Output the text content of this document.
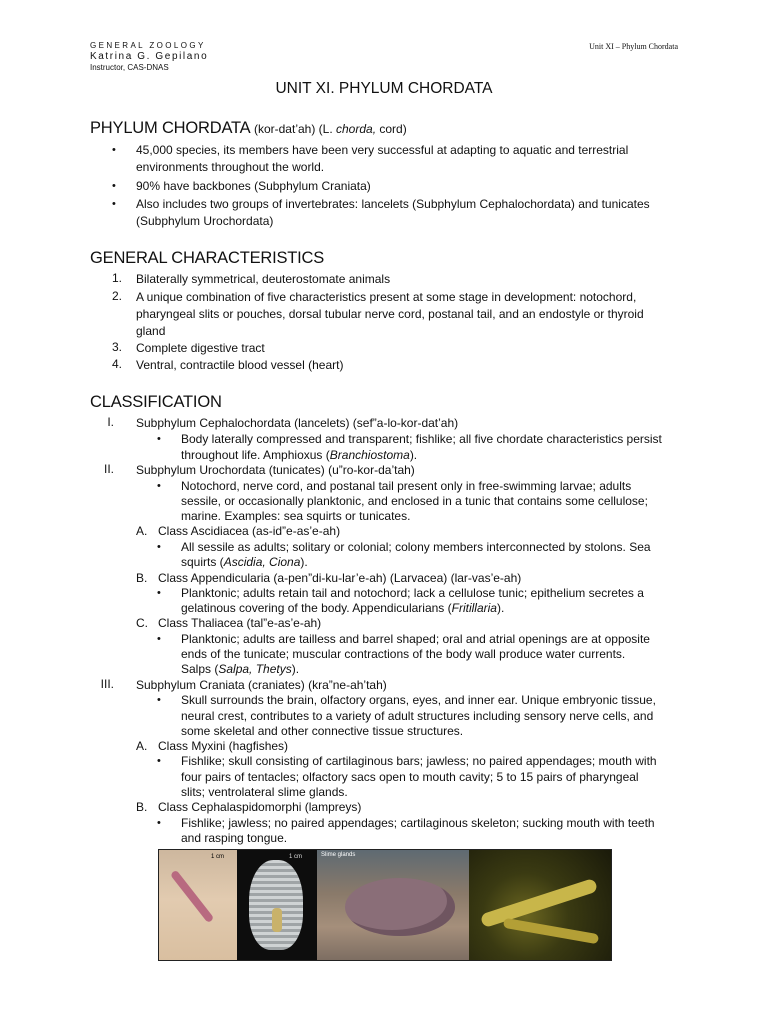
GENERAL ZOOLOGY
Katrina G. Gepilano
Instructor, CAS-DNAS
Unit XI – Phylum Chordata
UNIT XI. PHYLUM CHORDATA
PHYLUM CHORDATA (kor-dat’ah) (L. chorda, cord)
• 45,000 species, its members have been very successful at adapting to aquatic and terrestrial
environments throughout the world.
• 90% have backbones (Subphylum Craniata)
• Also includes two groups of invertebrates: lancelets (Subphylum Cephalochordata) and tunicates
(Subphylum Urochordata)
GENERAL CHARACTERISTICS
1. Bilaterally symmetrical, deuterostomate animals
2. A unique combination of five characteristics present at some stage in development: notochord,
pharyngeal slits or pouches, dorsal tubular nerve cord, postanal tail, and an endostyle or thyroid
gland
3. Complete digestive tract
4. Ventral, contractile blood vessel (heart)
CLASSIFICATION
I. Subphylum Cephalochordata (lancelets) (sef”a-lo-kor-dat’ah)
• Body laterally compressed and transparent; fishlike; all five chordate characteristics persist
throughout life. Amphioxus (Branchiostoma).
II. Subphylum Urochordata (tunicates) (u”ro-kor-da’tah)
• Notochord, nerve cord, and postanal tail present only in free-swimming larvae; adults
sessile, or occasionally planktonic, and enclosed in a tunic that contains some cellulose;
marine. Examples: sea squirts or tunicates.
A. Class Ascidiacea (as-id”e-as’e-ah)
• All sessile as adults; solitary or colonial; colony members interconnected by stolons. Sea
squirts (Ascidia, Ciona).
B. Class Appendicularia (a-pen”di-ku-lar’e-ah) (Larvacea) (lar-vas’e-ah)
• Planktonic; adults retain tail and notochord; lack a cellulose tunic; epithelium secretes a
gelatinous covering of the body. Appendicularians (Fritillaria).
C. Class Thaliacea (tal”e-as’e-ah)
• Planktonic; adults are tailless and barrel shaped; oral and atrial openings are at opposite
ends of the tunicate; muscular contractions of the body wall produce water currents.
Salps (Salpa, Thetys).
III. Subphylum Craniata (craniates) (kra”ne-ah’tah)
• Skull surrounds the brain, olfactory organs, eyes, and inner ear. Unique embryonic tissue,
neural crest, contributes to a variety of adult structures including sensory nerve cells, and
some skeletal and other connective tissue structures.
A. Class Myxini (hagfishes)
• Fishlike; skull consisting of cartilaginous bars; jawless; no paired appendages; mouth with
four pairs of tentacles; olfactory sacs open to mouth cavity; 5 to 15 pairs of pharyngeal
slits; ventrolateral slime glands.
B. Class Cephalaspidomorphi (lampreys)
• Fishlike; jawless; no paired appendages; cartilaginous skeleton; sucking mouth with teeth
and rasping tongue.
1 cm	1 cm	Slime glands
